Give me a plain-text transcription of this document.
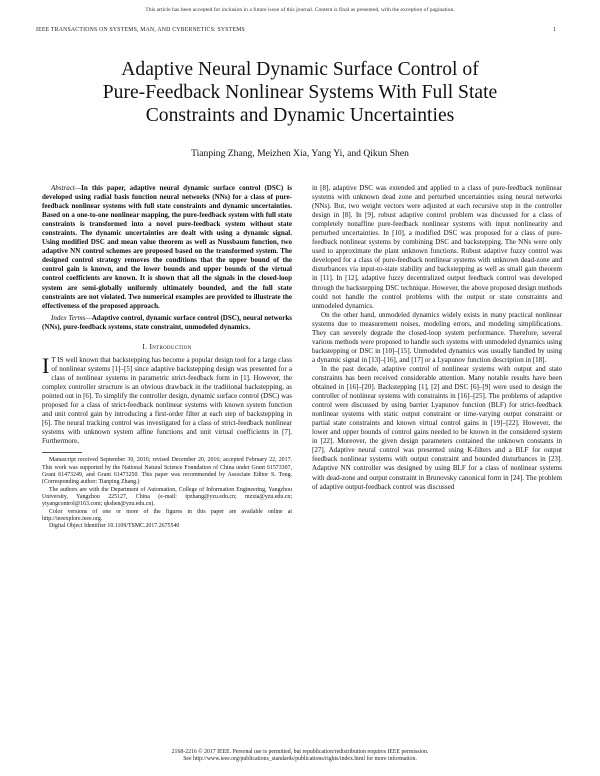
This article has been accepted for inclusion in a future issue of this journal. Content is final as presented, with the exception of pagination.
IEEE TRANSACTIONS ON SYSTEMS, MAN, AND CYBERNETICS: SYSTEMS	1
Adaptive Neural Dynamic Surface Control of
Pure-Feedback Nonlinear Systems With Full State
Constraints and Dynamic Uncertainties
Tianping Zhang, Meizhen Xia, Yang Yi, and Qikun Shen

Abstract—In this paper, adaptive neural dynamic surface control (DSC) is developed using radial basis function neural networks (NNs) for a class of pure-feedback nonlinear systems with full state constraints and dynamic uncertainties. Based on a one-to-one nonlinear mapping, the pure-feedback system with full state constraints is transformed into a novel pure-feedback system without state constraints. The dynamic uncertainties are dealt with using a dynamic signal. Using modified DSC and mean value theorem as well as Nussbaum function, two adaptive NN control schemes are proposed based on the transformed system. The designed control strategy removes the conditions that the upper bound of the control gain is known, and the lower bounds and upper bounds of the virtual control coefficients are known. It is shown that all the signals in the closed-loop system are semi-globally uniformly ultimately bounded, and the full state constraints are not violated. Two numerical examples are provided to illustrate the effectiveness of the proposed approach.

Index Terms—Adaptive control, dynamic surface control (DSC), neural networks (NNs), pure-feedback systems, state constraint, unmodeled dynamics.

I. Introduction

I T IS well known that backstepping has become a popular design tool for a large class of nonlinear systems [1]–[5] since adaptive backstepping design was presented for a class of nonlinear systems in parametric strict-feedback form in [1]. However, the complex controller structure is an obvious drawback in the traditional backstepping, as pointed out in [6]. To simplify the controller design, dynamic surface control (DSC) was proposed for a class of strict-feedback nonlinear systems with known system function and unit control gain by introducing a first-order filter at each step of backstepping in [6]. The neural tracking control was investigated for a class of strict-feedback nonlinear systems with unknown system affine functions and unit virtual coefficients in [7]. Furthermore,

Manuscript received September 30, 2016; revised December 20, 2016; accepted February 22, 2017. This work was supported by the National Natural Science Foundation of China under Grant 61573307, Grant 61473249, and Grant 61473250. This paper was recommended by Associate Editor S. Tong. (Corresponding author: Tianping Zhang.)

The authors are with the Department of Automation, College of Information Engineering, Yangzhou University, Yangzhou 225127, China (e-mail: tpzhang@yzu.edu.cn; mzxia@yzu.edu.cn; yiyangcontrol@163.com; qkshen@yzu.edu.cn).

Color versions of one or more of the figures in this paper are available online at http://ieeexplore.ieee.org.

Digital Object Identifier 10.1109/TSMC.2017.2675540

in [8], adaptive DSC was extended and applied to a class of pure-feedback nonlinear systems with unknown dead zone and perturbed uncertainties using neural networks (NNs). But, two weight vectors were adjusted at each recursive step in the controller design in [8]. In [9], robust adaptive control problem was discussed for a class of completely nonaffine pure-feedback nonlinear systems with input nonlinearity and perturbed uncertainties. In [10], a modified DSC was proposed for a class of pure-feedback nonlinear systems by combining DSC and backstepping. The NNs were only used to approximate the plant unknown functions. Robust adaptive fuzzy control was developed for a class of pure-feedback nonlinear systems with unknown dead-zone and disturbances via input-to-state stability and backstepping as well as small gain theorem in [11]. In [12], adaptive fuzzy decentralized output feedback control was developed through the backstepping DSC technique. However, the above proposed design methods could not handle the control problems with the output or state constraints and unmodeled dynamics.

On the other hand, unmodeled dynamics widely exists in many practical nonlinear systems due to measurement noises, modeling errors, and modeling simplifications. They can severely degrade the closed-loop system performance. Therefore, several various methods were proposed to handle such systems with unmodeled dynamics using backstepping or DSC in [10]–[15]. Unmodeled dynamics was usually handled by using a dynamic signal in [13]–[16], and [17] or a Lyapunov function description in [18].

In the past decade, adaptive control of nonlinear systems with output and state constraints has been received considerable attention. Many notable results have been obtained in [16]–[20]. Backstepping [1], [2] and DSC [6]–[9] were used to design the controller of nonlinear systems with constraints in [16]–[25]. The problems of adaptive control were discussed by using barrier Lyapunov function (BLF) for strict-feedback nonlinear systems with static output constraint or time-varying output constraint or partial state constraints and known virtual control gains in [19]–[22]. However, the lower and upper bounds of control gains needed to be known in the considered system in [22]. Moreover, the given design parameters contained the unknown constants in [27]. Adaptive neural control was presented using K-filters and a BLF for output feedback nonlinear systems with output constraint and bounded disturbances in [23]. Adaptive NN controller was designed by using BLF for a class of nonlinear systems with dead-zone and output constraint in Brunovsky canonical form in [24]. The problem of adaptive output-feedback control was discussed

2168-2216 © 2017 IEEE. Personal use is permitted, but republication/redistribution requires IEEE permission.
See http://www.ieee.org/publications_standards/publications/rights/index.html for more information.
